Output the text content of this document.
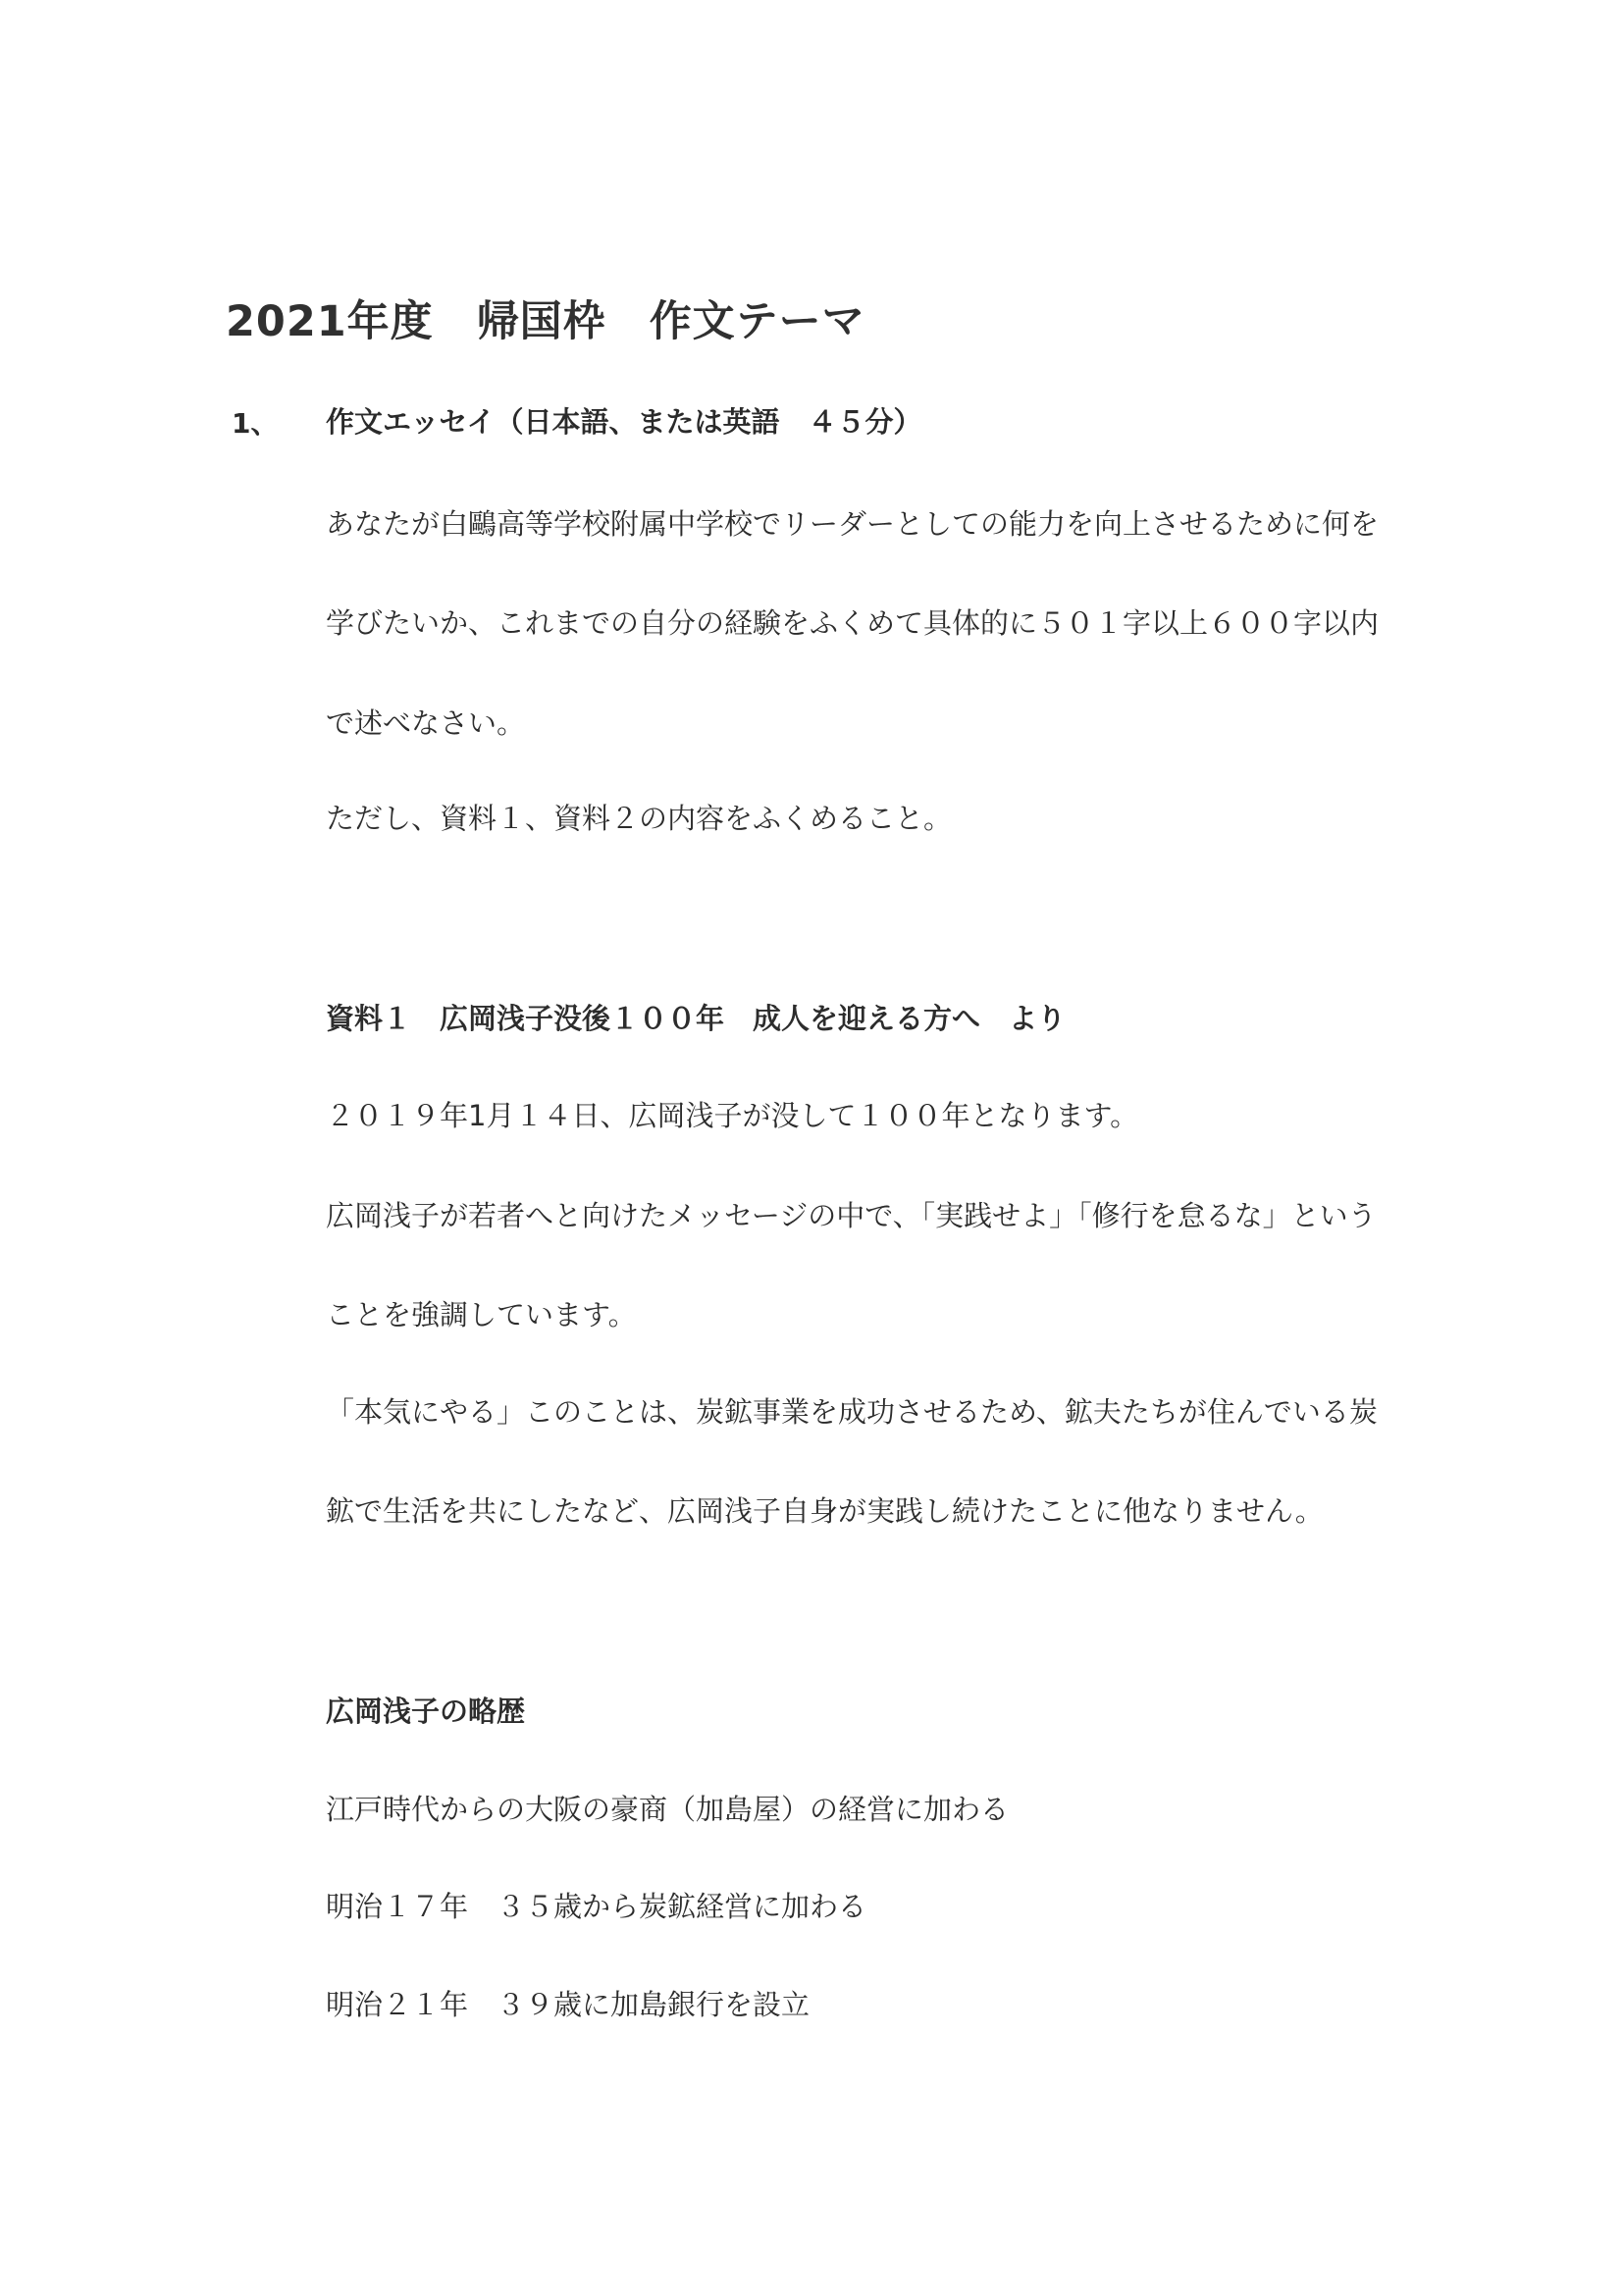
2021年度 帰国枠 作文テーマ
1、 作文エッセイ（日本語、または英語　４５分）
あなたが白鷗高等学校附属中学校でリーダーとしての能力を向上させるために何を
学びたいか、これまでの自分の経験をふくめて具体的に５０１字以上６００字以内
で述べなさい。
ただし、資料１、資料２の内容をふくめること。
資料１　広岡浅子没後１００年　成人を迎える方へ　より
２０１９年1月１４日、広岡浅子が没して１００年となります。
広岡浅子が若者へと向けたメッセージの中で、「実践せよ」「修行を怠るな」という
ことを強調しています。
「本気にやる」このことは、炭鉱事業を成功させるため、鉱夫たちが住んでいる炭
鉱で生活を共にしたなど、広岡浅子自身が実践し続けたことに他なりません。
広岡浅子の略歴
江戸時代からの大阪の豪商（加島屋）の経営に加わる
明治１７年　３５歳から炭鉱経営に加わる
明治２１年　３９歳に加島銀行を設立
